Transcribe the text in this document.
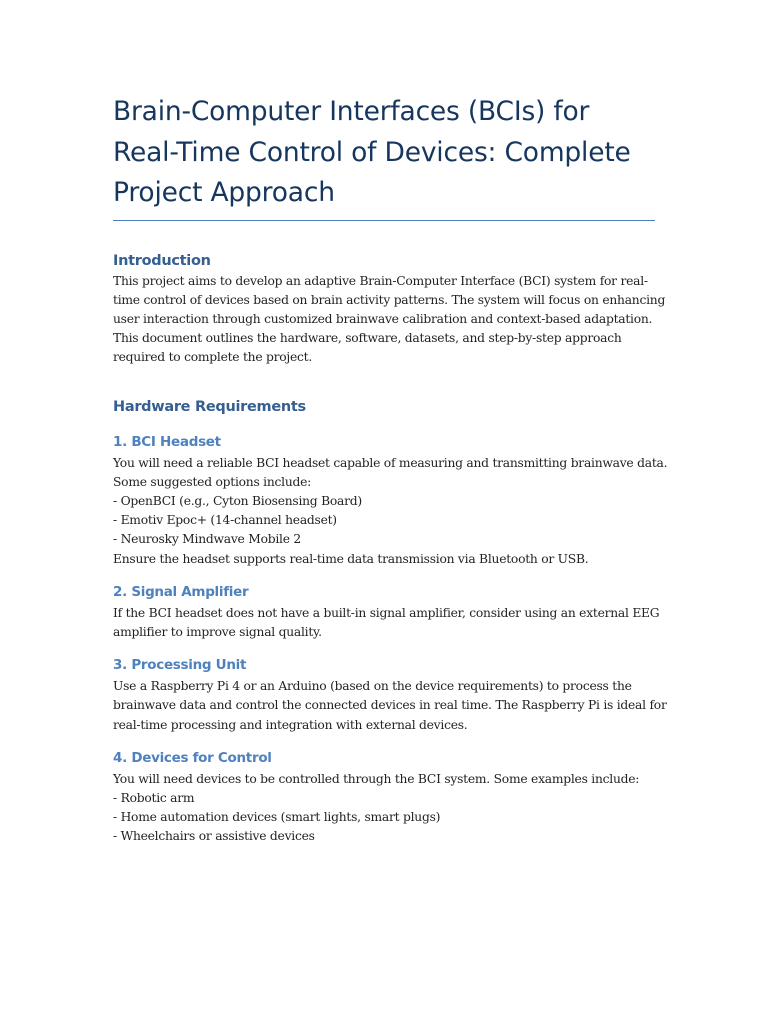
Brain-Computer Interfaces (BCIs) for
Real-Time Control of Devices: Complete
Project Approach
Introduction

This project aims to develop an adaptive Brain-Computer Interface (BCI) system for real-
time control of devices based on brain activity patterns. The system will focus on enhancing
user interaction through customized brainwave calibration and context-based adaptation.
This document outlines the hardware, software, datasets, and step-by-step approach
required to complete the project.

Hardware Requirements
1. BCI Headset

You will need a reliable BCI headset capable of measuring and transmitting brainwave data.
Some suggested options include:
- OpenBCI (e.g., Cyton Biosensing Board)
- Emotiv Epoc+ (14-channel headset)
- Neurosky Mindwave Mobile 2
Ensure the headset supports real-time data transmission via Bluetooth or USB.

2. Signal Amplifier

If the BCI headset does not have a built-in signal amplifier, consider using an external EEG
amplifier to improve signal quality.

3. Processing Unit

Use a Raspberry Pi 4 or an Arduino (based on the device requirements) to process the
brainwave data and control the connected devices in real time. The Raspberry Pi is ideal for
real-time processing and integration with external devices.

4. Devices for Control

You will need devices to be controlled through the BCI system. Some examples include:
- Robotic arm
- Home automation devices (smart lights, smart plugs)
- Wheelchairs or assistive devices
